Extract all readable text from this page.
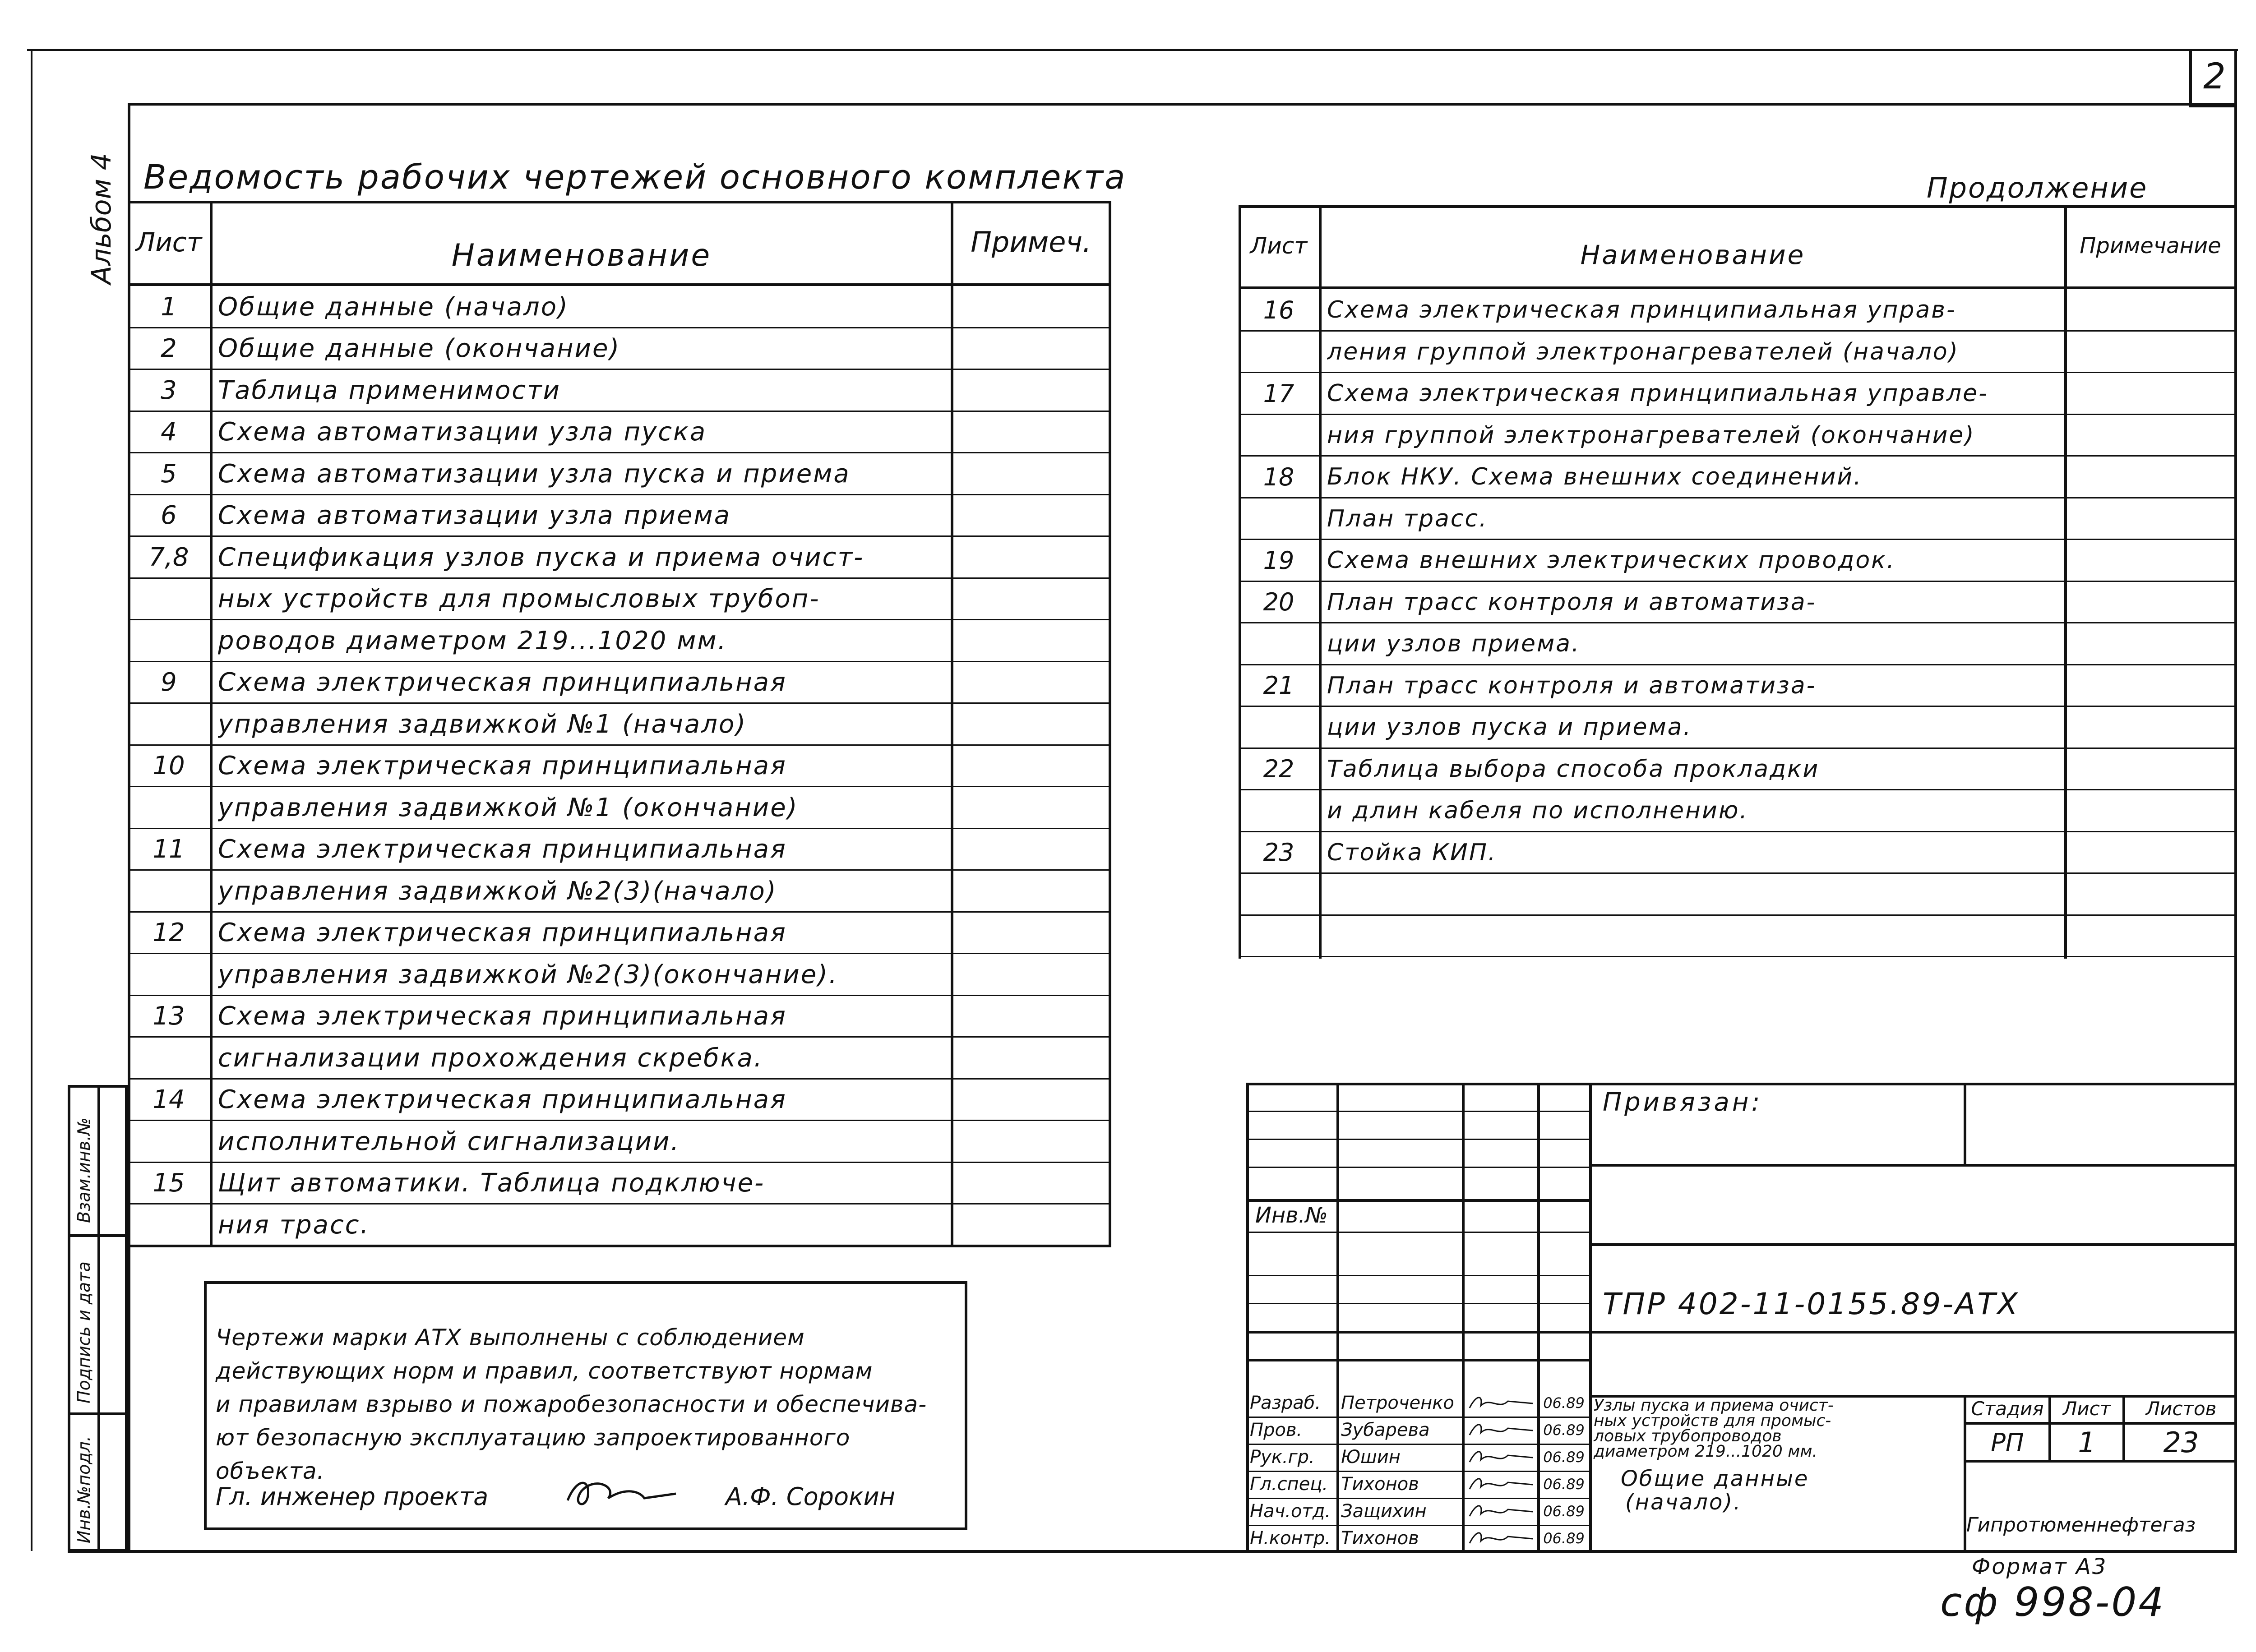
2
Альбом 4 Ведомость рабочих чертежей основного комплекта	Продолжение
Лист	Наименование	Примеч.
1	Общие данные (начало)
2	Общие данные (окончание)
3	Таблица применимости
4	Схема автоматизации узла пуска
5	Схема автоматизации узла пуска и приема
6	Схема автоматизации узла приема
7,8	Спецификация узлов пуска и приема очист-
ных устройств для промысловых трубоп-
роводов диаметром 219...1020 мм.
9	Схема электрическая принципиальная
управления задвижкой №1 (начало)
10	Схема электрическая принципиальная
управления задвижкой №1 (окончание)
11	Схема электрическая принципиальная
управления задвижкой №2(3)(начало)
12	Схема электрическая принципиальная
управления задвижкой №2(3)(окончание).
13	Схема электрическая принципиальная
сигнализации прохождения скребка.
14	Схема электрическая принципиальная
исполнительной сигнализации.
15	Щит автоматики. Таблица подключе-
ния трасс.
Лист	Наименование	Примечание
16	Схема электрическая принципиальная управ-
ления группой электронагревателей (начало)
17	Схема электрическая принципиальная управле-
ния группой электронагревателей (окончание)
18	Блок НКУ. Схема внешних соединений.
План трасс.
19	Схема внешних электрических проводок.
20	План трасс контроля и автоматиза-
ции узлов приема.
21	План трасс контроля и автоматиза-
ции узлов пуска и приема.
22	Таблица выбора способа прокладки
и длин кабеля по исполнению.
23	Стойка КИП.
Чертежи марки АТХ выполнены с соблюдением
действующих норм и правил, соответствуют нормам
и правилам взрыво и пожаробезопасности и обеспечива-
ют безопасную эксплуатацию запроектированного
объекта.
Гл. инженер проекта	А.Ф. Сорокин
Взам.инв.№
Подпись и дата
Инв.№подл.
Инв.№
Привязан:
ТПР 402-11-0155.89-АТХ
Разраб.	Петроченко	06.89
Пров.	Зубарева	06.89
Рук.гр.	Юшин	06.89
Гл.спец. Тихонов	06.89
Нач.отд. Защихин	06.89
Н.контр. Тихонов	06.89
Узлы пуска и приема очист-
ных устройств для промыс-
ловых трубопроводов
диаметром 219...1020 мм.
Стадия	Лист	Листов
РП	1	23
Общие данные
(начало).
Гипротюменнефтегаз
Формат А3
сф 998-04
